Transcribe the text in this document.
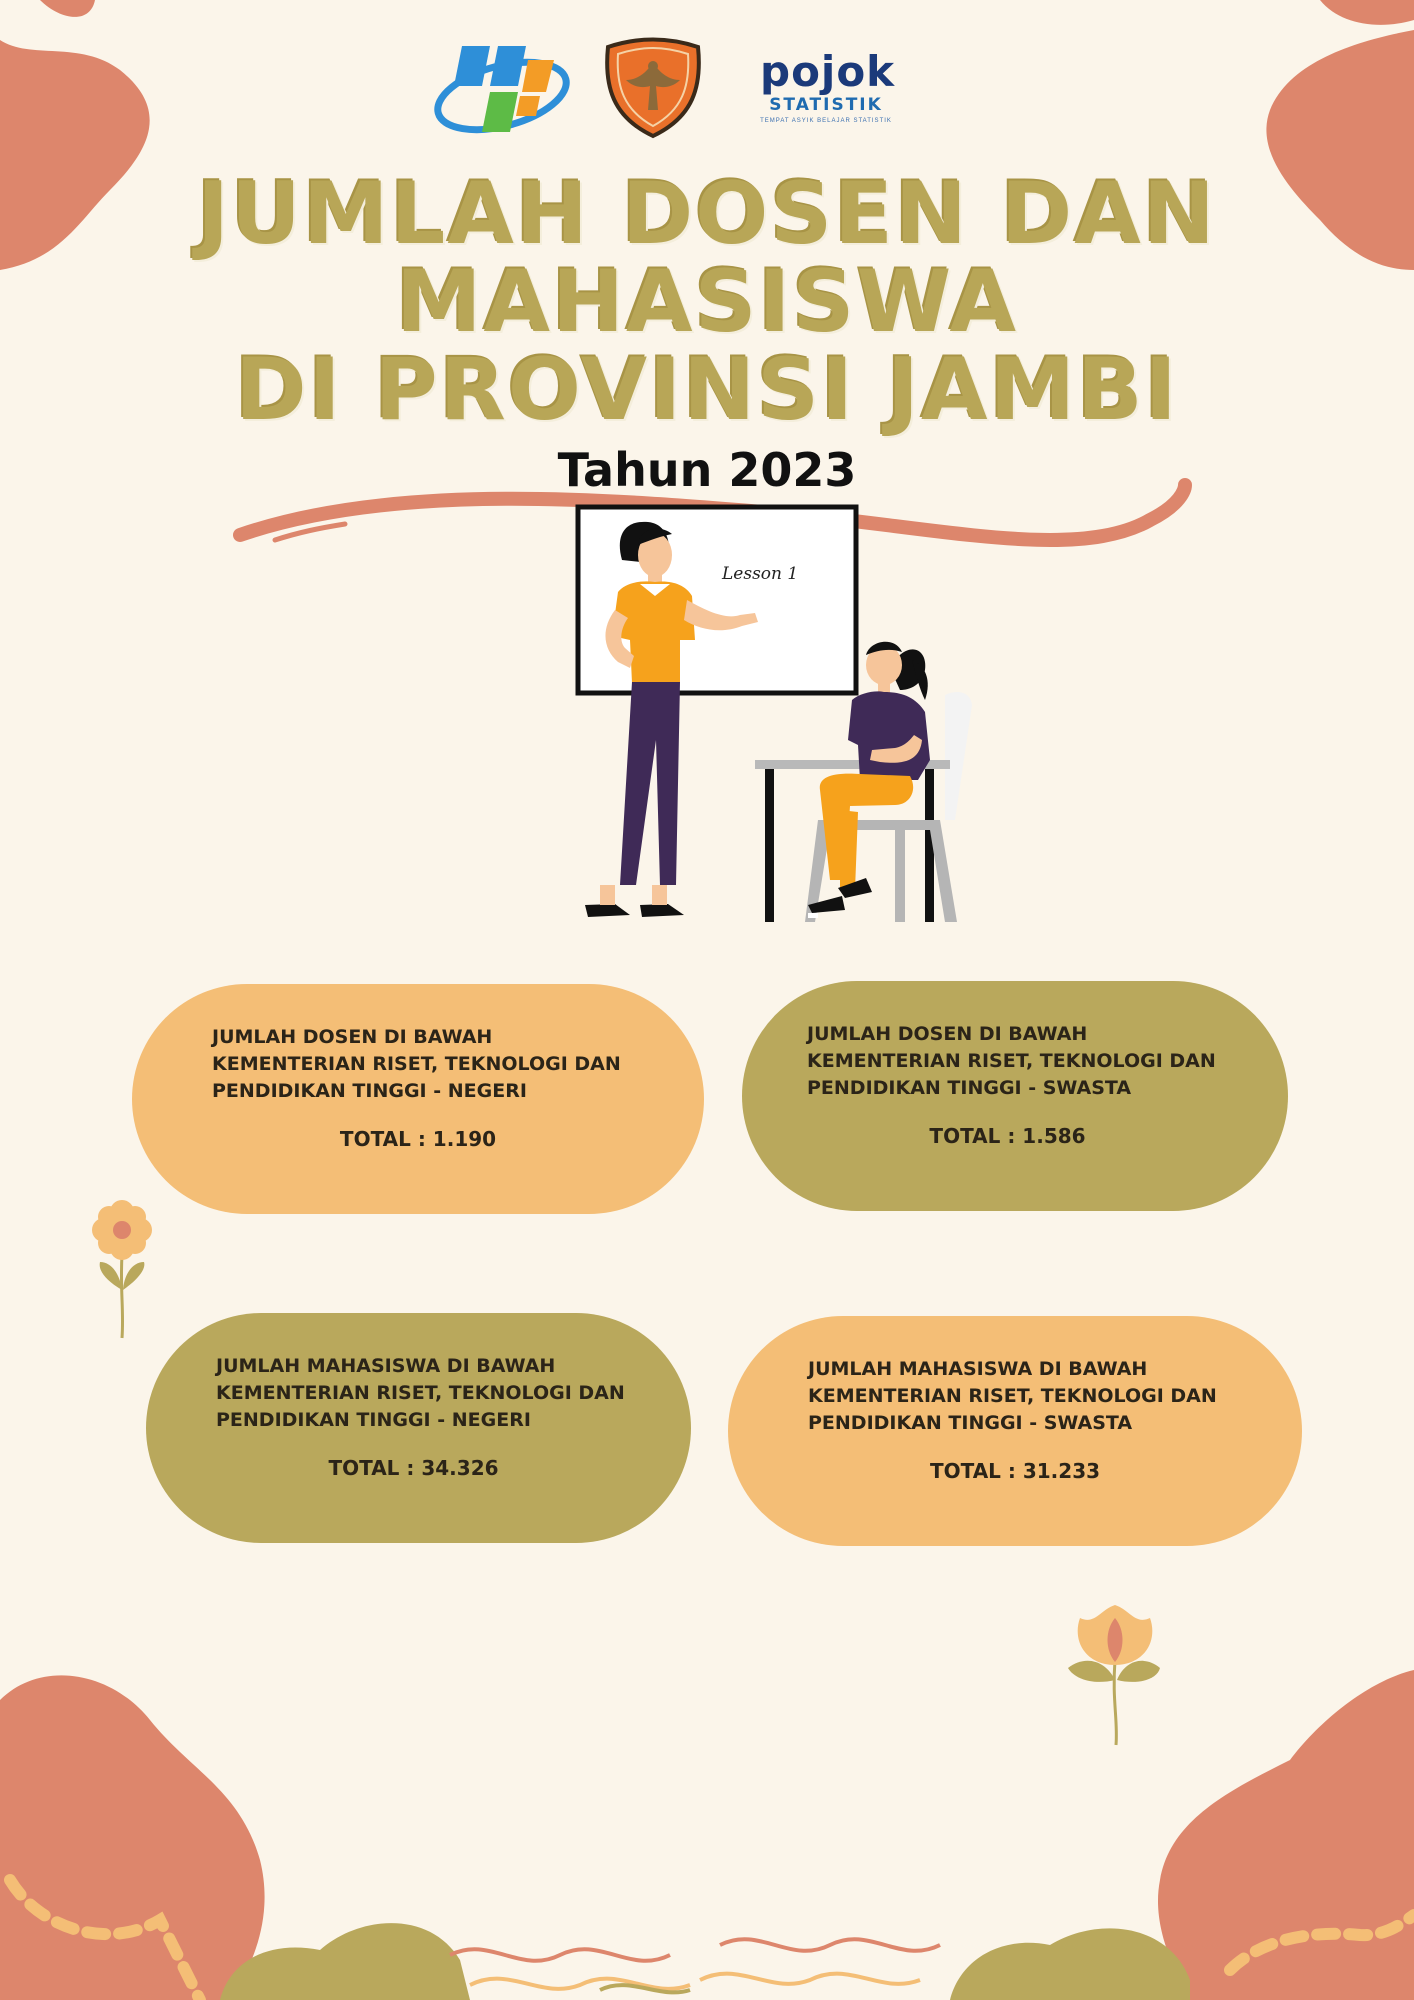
pojok
STATISTIK
TEMPAT ASYIK BELAJAR STATISTIK
JUMLAH DOSEN DAN
MAHASISWA
DI PROVINSI JAMBI
Tahun 2023
Lesson 1
JUMLAH DOSEN DI BAWAH
KEMENTERIAN RISET, TEKNOLOGI DAN
PENDIDIKAN TINGGI - NEGERI
TOTAL : 1.190
JUMLAH DOSEN DI BAWAH
KEMENTERIAN RISET, TEKNOLOGI DAN
PENDIDIKAN TINGGI - SWASTA
TOTAL : 1.586
JUMLAH MAHASISWA DI BAWAH
KEMENTERIAN RISET, TEKNOLOGI DAN
PENDIDIKAN TINGGI - NEGERI
TOTAL : 34.326
JUMLAH MAHASISWA DI BAWAH
KEMENTERIAN RISET, TEKNOLOGI DAN
PENDIDIKAN TINGGI - SWASTA
TOTAL : 31.233
